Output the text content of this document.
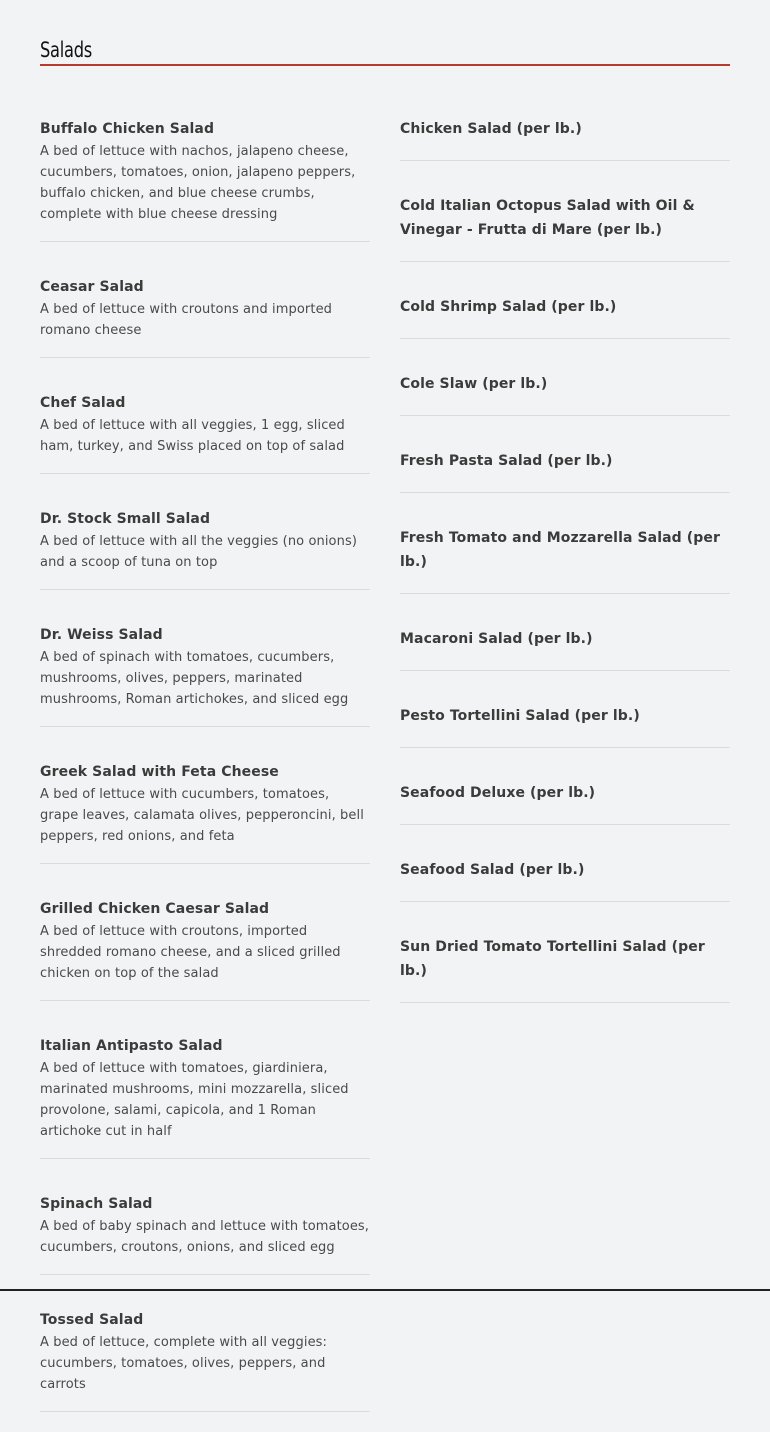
Salads
Buffalo Chicken Salad
A bed of lettuce with nachos, jalapeno cheese, cucumbers, tomatoes, onion, jalapeno peppers, buffalo chicken, and blue cheese crumbs, complete with blue cheese dressing
Ceasar Salad
A bed of lettuce with croutons and imported romano cheese
Chef Salad
A bed of lettuce with all veggies, 1 egg, sliced ham, turkey, and Swiss placed on top of salad
Dr. Stock Small Salad
A bed of lettuce with all the veggies (no onions) and a scoop of tuna on top
Dr. Weiss Salad
A bed of spinach with tomatoes, cucumbers, mushrooms, olives, peppers, marinated mushrooms, Roman artichokes, and sliced egg
Greek Salad with Feta Cheese
A bed of lettuce with cucumbers, tomatoes, grape leaves, calamata olives, pepperoncini, bell peppers, red onions, and feta
Grilled Chicken Caesar Salad
A bed of lettuce with croutons, imported shredded romano cheese, and a sliced grilled chicken on top of the salad
Italian Antipasto Salad
A bed of lettuce with tomatoes, giardiniera, marinated mushrooms, mini mozzarella, sliced provolone, salami, capicola, and 1 Roman artichoke cut in half
Spinach Salad
A bed of baby spinach and lettuce with tomatoes, cucumbers, croutons, onions, and sliced egg
Tossed Salad
A bed of lettuce, complete with all veggies: cucumbers, tomatoes, olives, peppers, and carrots
Chicken Salad (per lb.)
Cold Italian Octopus Salad with Oil & Vinegar - Frutta di Mare (per lb.)
Cold Shrimp Salad (per lb.)
Cole Slaw (per lb.)
Fresh Pasta Salad (per lb.)
Fresh Tomato and Mozzarella Salad (per lb.)
Macaroni Salad (per lb.)
Pesto Tortellini Salad (per lb.)
Seafood Deluxe (per lb.)
Seafood Salad (per lb.)
Sun Dried Tomato Tortellini Salad (per lb.)
